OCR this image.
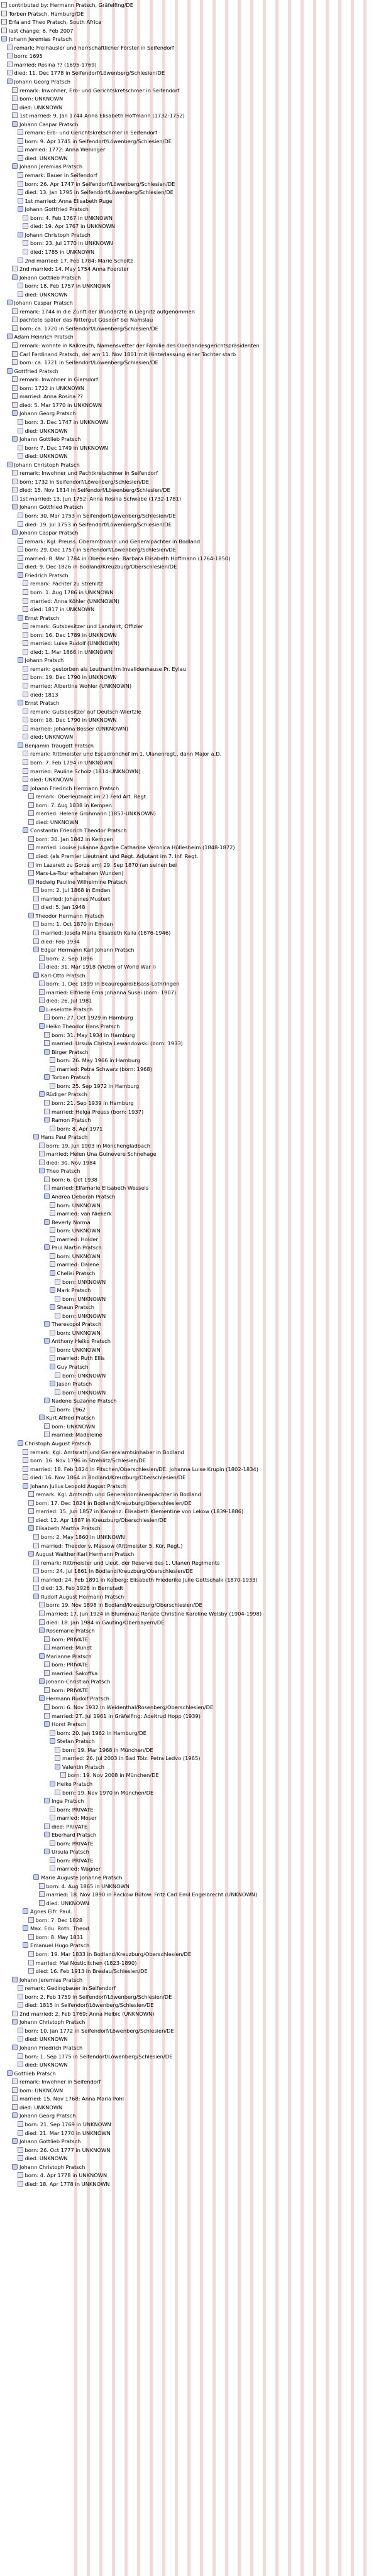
contributed by: Hermann Pratsch, Gräfelfing/DE
Torben Pratsch, Hamburg/DE
Erfa and Theo Pratsch, South Africa
last change: 6. Feb 2007
Johann Jeremias Pratsch
remark: Freihäusler und herrschaftlicher Förster in Seifendorf
born: 1695
married: Rosina ?? (1695-1769)
died: 11. Dec 1778 in Seifendorf/Löwenberg/Schlesien/DE
Johann Georg Pratsch
remark: Inwohner, Erb- und Gerichtskretschmer in Seifendorf
born: UNKNOWN
died: UNKNOWN
1st married: 9. Jan 1744 Anna Elisabeth Hoffmann (1732-1752)
Johann Caspar Pratsch
remark: Erb- und Gerichtskretschmer in Seifendorf
born: 9. Apr 1745 in Seifendorf/Löwenberg/Schlesien/DE
married: 1772: Anna Weninger
died: UNKNOWN
Johann Jeremias Pratsch
remark: Bauer in Seifendorf
born: 26. Apr 1747 in Seifendorf/Löwenberg/Schlesien/DE
died: 13. Jan 1795 in Seifendorf/Löwenberg/Schlesien/DE
1st married: Anna Elisabeth Ruge
Johann Gottfried Pratsch
born: 4. Feb 1767 in UNKNOWN
died: 19. Apr 1767 in UNKNOWN
Johann Christoph Pratsch
born: 23. Jul 1770 in UNKNOWN
died: 1785 in UNKNOWN
2nd married: 17. Feb 1784: Marie Scholtz
2nd married: 14. May 1754 Anna Foerster
Johann Gottlieb Pratsch
born: 18. Feb 1757 in UNKNOWN
died: UNKNOWN
Johann Caspar Pratsch
remark: 1744 in die Zunft der Wundärzte in Liegnitz aufgenommen
pachtete später das Rittergut Güsdorf bei Namslau
born: ca. 1720 in Seifendorf/Löwenberg/Schlesien/DE
Adam Heinrich Pratsch
remark: wohnte in Kalkreuth, Namensvetter der Familie des Oberlandesgerichtspräsidenten
Carl Ferdinand Pratsch, der am 11. Nov 1801 mit Hinterlassung einer Tochter starb
born: ca. 1721 in Seifendorf/Löwenberg/Schlesien/DE
Gottfried Pratsch
remark: Inwohner in Giersdorf
born: 1722 in UNKNOWN
married: Anna Rosina ??
died: 5. Mar 1770 in UNKNOWN
Johann Georg Pratsch
born: 3. Dec 1747 in UNKNOWN
died: UNKNOWN
Johann Gottlieb Pratsch
born: 7. Dec 1749 in UNKNOWN
died: UNKNOWN
Johann Christoph Pratsch
remark: Inwohner und Pachtkretschmer in Seifendorf
born: 1732 in Seifendorf/Löwenberg/Schlesien/DE
died: 15. Nov 1814 in Seifendorf/Löwenberg/Schlesien/DE
1st married: 13. Jun 1752: Anna Rosina Schwabe (1732-1781)
Johann Gottfried Pratsch
born: 30. Mar 1753 in Seifendorf/Löwenberg/Schlesien/DE
died: 19. Jul 1753 in Seifendorf/Löwenberg/Schlesien/DE
Johann Caspar Pratsch
remark: Kgl. Preuss. Oberamtmann und Generalpächter in Bodland
born: 29. Dec 1757 in Seifendorf/Löwenberg/Schlesien/DE
married: 8. Mar 1784 in Oberwiesen: Barbara Elisabeth Hoffmann (1764-1850)
died: 9. Dec 1826 in Bodland/Kreuzburg/Oberschlesien/DE
Friedrich Pratsch
remark: Pächter zu Strehlitz
born: 1. Aug 1786 in UNKNOWN
married: Anna Köhler (UNKNOWN)
died: 1817 in UNKNOWN
Ernst Pratsch
remark: Gutsbesitzer und Landwirt, Offizier
born: 16. Dec 1789 in UNKNOWN
married: Luise Rudolf (UNKNOWN)
died: 1. Mar 1866 in UNKNOWN
Johann Pratsch
remark: gestorben als Leutnant im Invalidenhause Pr. Eylau
born: 19. Dec 1790 in UNKNOWN
married: Albertine Wohler (UNKNOWN)
died: 1813
Ernst Pratsch
remark: Gutsbesitzer auf Deutsch-Wiertzle
born: 18. Dec 1790 in UNKNOWN
married: Johanna Bosser (UNKNOWN)
died: UNKNOWN
Benjamin Traugott Pratsch
remark: Rittmeister und Escadronchef im 1. Ulanenregt., dann Major a.D.
born: 7. Feb 1794 in UNKNOWN
married: Pauline Scholz (1814-UNKNOWN)
died: UNKNOWN
Johann Friedrich Hermann Pratsch
remark: Oberleutnant im 21 Feld Art. Regt
born: 7. Aug 1838 in Kempen
married: Helene Grohmann (1857-UNKNOWN)
died: UNKNOWN
Constantin Friedrich Theodor Pratsch
born: 30. Jan 1842 in Kempen
married: Louise Julianne Agathe Catharine Veronica Hüllesheim (1848-1872)
died: (als Premier Lieutnant und Regt. Adjutant im 7. Inf. Regt.
im Lazarett zu Gorze am) 29. Sep 1870 (an seinen bei
Mars-La-Tour erhaltenen Wunden)
Hedwig Pauline Wilhelmine Pratsch
born: 2. Jul 1868 in Emden
married: Johannes Mustert
died: 5. Jan 1948
Theodor Hermann Pratsch
born: 1. Oct 1870 in Emden
married: Josefa Maria Elisabeth Kaila (1876-1946)
died: Feb 1934
Edgar Hermann Karl Johann Pratsch
born: 2. Sep 1896
died: 31. Mar 1918 (Victim of World War I)
Karl-Otto Pratsch
born: 1. Dec 1899 in Beauregard/Elsass-Lothringen
married: Elfriede Erna Johanna Susei (born: 1907)
died: 26. Jul 1981
Lieselotte Pratsch
born: 27. Oct 1929 in Hamburg
Heiko Theodor Hans Pratsch
born: 31. May 1934 in Hamburg
married: Ursula Christa Lewandowski (born: 1933)
Birger Pratsch
born: 26. May 1966 in Hamburg
married: Petra Schwarz (born: 1968)
Torben Pratsch
born: 25. Sep 1972 in Hamburg
Rüdiger Pratsch
born: 21. Sep 1939 in Hamburg
married: Helga Preuss (born: 1937)
Ramon Pratsch
born: 8. Apr 1971
Hans Paul Pratsch
born: 19. Jun 1903 in Mönchengladbach
married: Helen Una Guinevere Schnehage
died: 30. Nov 1984
Theo Pratsch
born: 6. Oct 1938
married: Elfamarie Elisabeth Wessels
Andrea Deborah Pratsch
born: UNKNOWN
married: van Niekerk
Beverly Norma
born: UNKNOWN
married: Holder
Paul Martin Pratsch
born: UNKNOWN
married: Dalene
Chelisi Pratsch
born: UNKNOWN
Mark Pratsch
born: UNKNOWN
Shaun Pratsch
born: UNKNOWN
Theresopol Pratsch
born: UNKNOWN
Anthony Heiko Pratsch
born: UNKNOWN
married: Ruth Ellis
Guy Pratsch
born: UNKNOWN
Jason Pratsch
born: UNKNOWN
Nadene Suzanne Pratsch
born: 1962
Kurt Alfred Pratsch
born: UNKNOWN
married: Madeleine
Christoph August Pratsch
remark: Kgl. Amtsrath und Generalamtsinhaber in Bodland
born: 16. Nov 1796 in Strehlitz/Schlesien/DE
married: 18. Feb 1824 in Pitschen/Oberschlesien/DE: Johanna Luise Krupin (1802-1834)
died: 16. Nov 1864 in Bodland/Kreuzburg/Oberschlesien/DE
Johann Julius Leopold August Pratsch
remark: Kgl. Amtsrath und Generaldomänenpächter in Bodland
born: 17. Dec 1824 in Bodland/Kreuzburg/Oberschlesien/DE
married: 15. Jun 1857 in Kamenz: Elisabeth Klementine von Lekow (1839-1886)
died: 12. Apr 1887 in Kreuzburg/Oberschlesien/DE
Elisabeth Martha Pratsch
born: 2. May 1860 in UNKNOWN
married: Theodor v. Massow (Rittmeister 5. Kür. Regt.)
August Walther Karl Hermann Pratsch
remark: Rittmeister und Lieut. der Reserve des 1. Ulanen Regiments
born: 24. Jul 1861 in Bodland/Kreuzburg/Oberschlesien/DE
married: 24. Feb 1891 in Kolberg: Elisabeth Friederike Julie Gottschalk (1870-1933)
died: 13. Feb 1926 in Bernstadt
Rudolf August Hermann Pratsch
born: 19. Nov 1898 in Bodland/Kreuzburg/Oberschlesien/DE
married: 17. Jun 1924 in Blumenau: Renate Christine Karoline Welsby (1904-1998)
died: 18. Jan 1984 in Gauting/Oberbayern/DE
Rosemarie Pratsch
born: PRIVATE
married: Mundt
Marianne Pratsch
born: PRIVATE
married: Sakoffka
Johann-Christian Pratsch
born: PRIVATE
Hermann Rudolf Pratsch
born: 6. Nov 1932 in Weidenthal/Rosenberg/Oberschlesien/DE
married: 27. Jul 1961 in Gräfelfing: Adeltrud Hopp (1939)
Horst Pratsch
born: 20. Jan 1962 in Hamburg/DE
Stefan Pratsch
born: 19. Mar 1968 in München/DE
married: 26. Jul 2003 in Bad Tölz: Petra Ledvo (1965)
Valentin Pratsch
born: 19. Nov 2008 in München/DE
Heike Pratsch
born: 19. Nov 1970 in München/DE
Inga Pratsch
born: PRIVATE
married: Moser
died: PRIVATE
Eberhard Pratsch
born: PRIVATE
Ursula Pratsch
born: PRIVATE
married: Wagner
Marie Auguste Johanne Pratsch
born: 4. Aug 1865 in UNKNOWN
married: 18. Nov 1890 in Rackow Bütow: Fritz Carl Emil Engelbrecht (UNKNOWN)
died: UNKNOWN
Agnes Elfr. Paul.
born: 7. Dec 1828
Max. Edu. Roth. Theod.
born: 8. May 1831
Emanuel Hugo Pratsch
born: 19. Mar 1833 in Bodland/Kreuzburg/Oberschlesien/DE
married: Mai Nosticitchen (1823-1890)
died: 16. Feb 1913 in Breslau/Schlesien/DE
Johann Jeremias Pratsch
remark: Gedingbauer in Seifendorf
born: 2. Feb 1759 in Seifendorf/Löwenberg/Schlesien/DE
died: 1815 in Seifendorf/Löwenberg/Schlesien/DE
2nd married: 2. Feb 1769: Anna Helbic (UNKNOWN)
Johann Christoph Pratsch
born: 10. Jan 1772 in Seifendorf/Löwenberg/Schlesien/DE
died: UNKNOWN
Johann Friedrich Pratsch
born: 1. Sep 1775 in Seifendorf/Löwenberg/Schlesien/DE
died: UNKNOWN
Gottlieb Pratsch
remark: Inwohner in Seifendorf
born: UNKNOWN
married: 15. Nov 1768: Anna Maria Pohl
died: UNKNOWN
Johann Georg Pratsch
born: 21. Sep 1769 in UNKNOWN
died: 21. Mar 1770 in UNKNOWN
Johann Gottlieb Pratsch
born: 26. Oct 1777 in UNKNOWN
died: UNKNOWN
Johann Christoph Pratsch
born: 4. Apr 1778 in UNKNOWN
died: 18. Apr 1778 in UNKNOWN
